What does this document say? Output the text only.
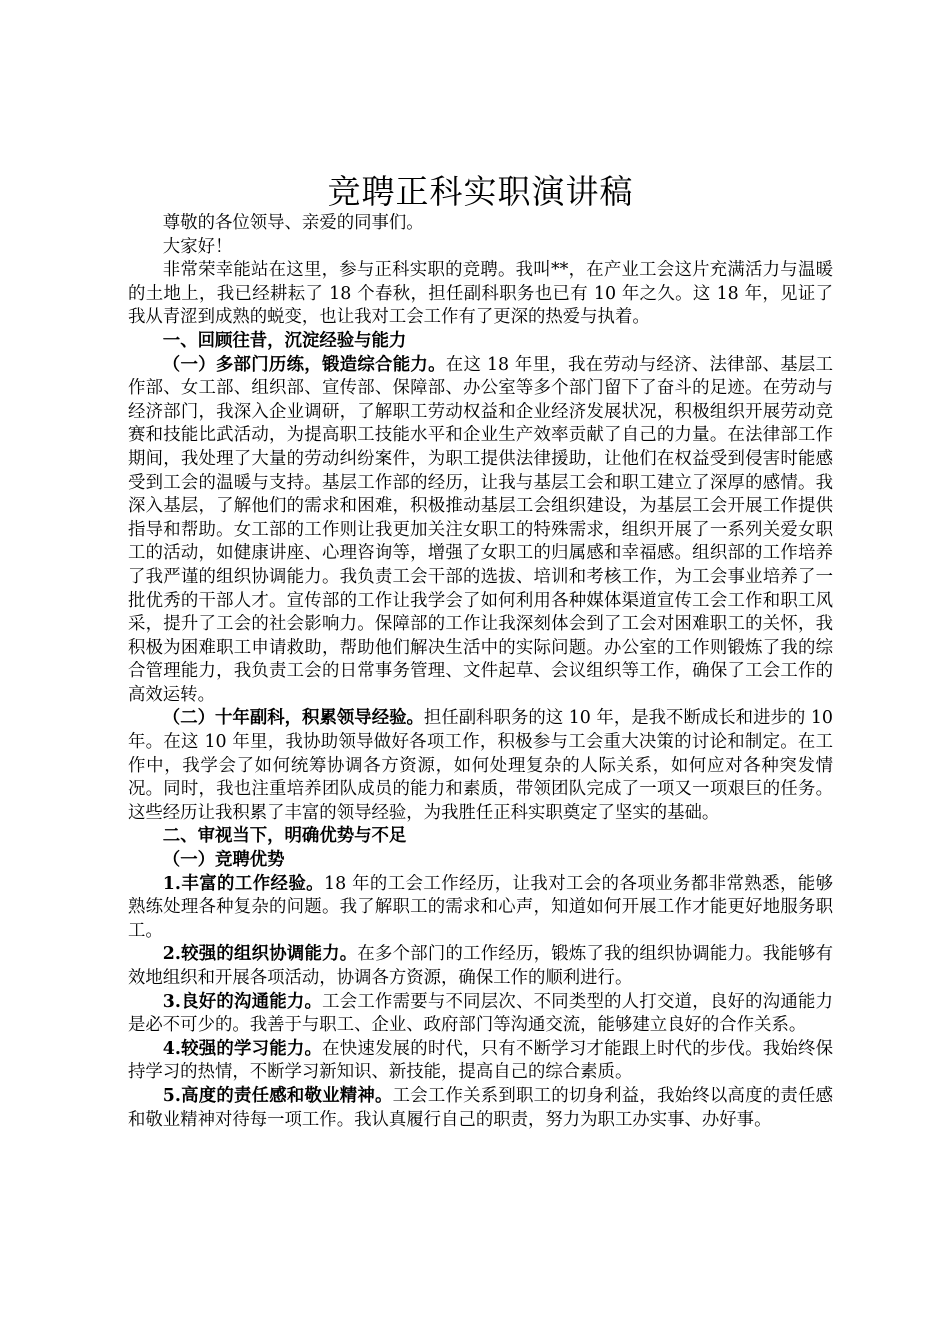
竞聘正科实职演讲稿

尊敬的各位领导、亲爱的同事们。

大家好！

非常荣幸能站在这里，参与正科实职的竞聘。我叫**，在产业工会这片充满活力与温暖的土地上，我已经耕耘了 18 个春秋，担任副科职务也已有 10 年之久。这 18 年，见证了我从青涩到成熟的蜕变，也让我对工会工作有了更深的热爱与执着。

一、回顾往昔，沉淀经验与能力

（一）多部门历练，锻造综合能力。在这 18 年里，我在劳动与经济、法律部、基层工作部、女工部、组织部、宣传部、保障部、办公室等多个部门留下了奋斗的足迹。在劳动与经济部门，我深入企业调研，了解职工劳动权益和企业经济发展状况，积极组织开展劳动竞赛和技能比武活动，为提高职工技能水平和企业生产效率贡献了自己的力量。在法律部工作期间，我处理了大量的劳动纠纷案件，为职工提供法律援助，让他们在权益受到侵害时能感受到工会的温暖与支持。基层工作部的经历，让我与基层工会和职工建立了深厚的感情。我深入基层，了解他们的需求和困难，积极推动基层工会组织建设，为基层工会开展工作提供指导和帮助。女工部的工作则让我更加关注女职工的特殊需求，组织开展了一系列关爱女职工的活动，如健康讲座、心理咨询等，增强了女职工的归属感和幸福感。组织部的工作培养了我严谨的组织协调能力。我负责工会干部的选拔、培训和考核工作，为工会事业培养了一批优秀的干部人才。宣传部的工作让我学会了如何利用各种媒体渠道宣传工会工作和职工风采，提升了工会的社会影响力。保障部的工作让我深刻体会到了工会对困难职工的关怀，我积极为困难职工申请救助，帮助他们解决生活中的实际问题。办公室的工作则锻炼了我的综合管理能力，我负责工会的日常事务管理、文件起草、会议组织等工作，确保了工会工作的高效运转。

（二）十年副科，积累领导经验。担任副科职务的这 10 年，是我不断成长和进步的 10 年。在这 10 年里，我协助领导做好各项工作，积极参与工会重大决策的讨论和制定。在工作中，我学会了如何统筹协调各方资源，如何处理复杂的人际关系，如何应对各种突发情况。同时，我也注重培养团队成员的能力和素质，带领团队完成了一项又一项艰巨的任务。这些经历让我积累了丰富的领导经验，为我胜任正科实职奠定了坚实的基础。

二、审视当下，明确优势与不足

（一）竞聘优势

1.丰富的工作经验。18 年的工会工作经历，让我对工会的各项业务都非常熟悉，能够熟练处理各种复杂的问题。我了解职工的需求和心声，知道如何开展工作才能更好地服务职工。

2.较强的组织协调能力。在多个部门的工作经历，锻炼了我的组织协调能力。我能够有效地组织和开展各项活动，协调各方资源，确保工作的顺利进行。

3.良好的沟通能力。工会工作需要与不同层次、不同类型的人打交道，良好的沟通能力是必不可少的。我善于与职工、企业、政府部门等沟通交流，能够建立良好的合作关系。

4.较强的学习能力。在快速发展的时代，只有不断学习才能跟上时代的步伐。我始终保持学习的热情，不断学习新知识、新技能，提高自己的综合素质。

5.高度的责任感和敬业精神。工会工作关系到职工的切身利益，我始终以高度的责任感和敬业精神对待每一项工作。我认真履行自己的职责，努力为职工办实事、办好事。
